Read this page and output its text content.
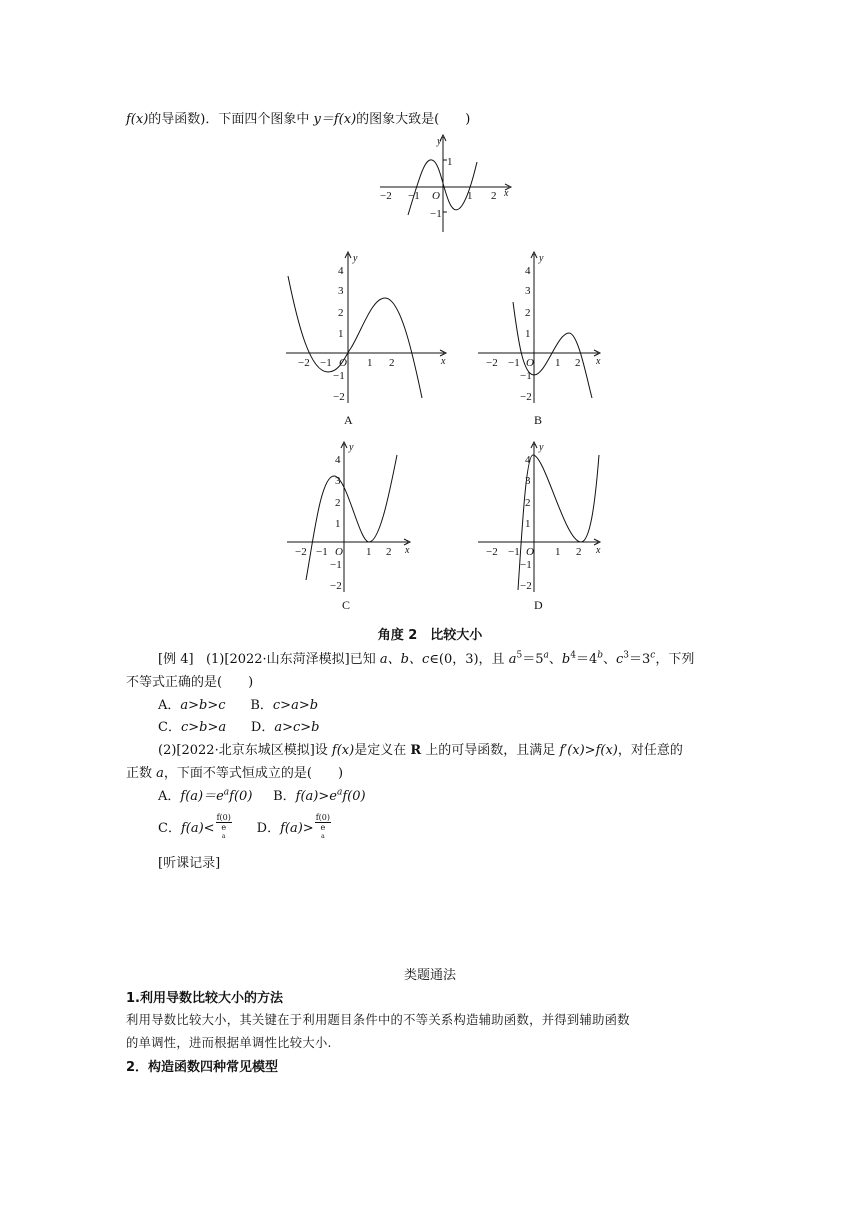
f(x)的导函数)．下面四个图象中 y＝f(x)的图象大致是(　　)
y
x
O
−2 −1	1 2
1
−1
y
x
O
−2 −1	1 2
4
3
2
1
−1
−2
A
y
x
O
−2 −1	1 2
4
3
2
1
−1
−2
B
y
x
O
−2 −1	1 2
4
3
2
1
−1
−2
C
y
x
O
−2 −1	1 2
4
3
2
1
−1
−2
D
角度 2　比较大小
[例 4] (1)[2022·山东菏泽模拟]已知 a、b、c∈(0，3)，且 $a^5=5^a$、$b^4=4^b$、$c^3=3^c$，下列
不等式正确的是(　　)
A．a>b>c B．c>a>b
C．c>b>a D．a>c>b
(2)[2022·北京东城区模拟]设 f(x)是定义在 R 上的可导函数，且满足 f′(x)>f(x)，对任意的
正数 a，下面不等式恒成立的是(　　)
A．$f(a)=e^af(0)$ B．$f(a)>e^af(0)$
C．f(a)< f(0)
e
$^a$ D．f(a)> f(0)
e
$^a$
[听课记录]
类题通法
1.利用导数比较大小的方法
利用导数比较大小，其关键在于利用题目条件中的不等关系构造辅助函数，并得到辅助函数
的单调性，进而根据单调性比较大小.
2．构造函数四种常见模型
